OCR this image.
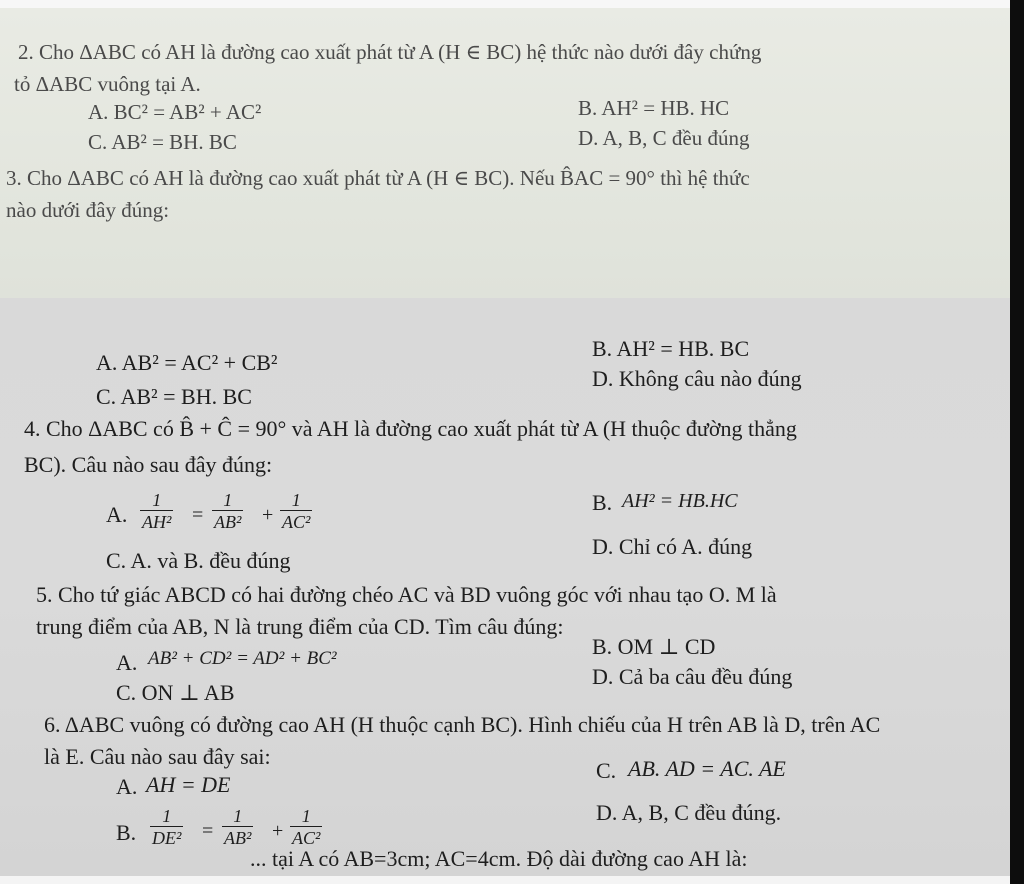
2. Cho ΔABC có AH là đường cao xuất phát từ A (H ∈ BC) hệ thức nào dưới đây chứng
tỏ ΔABC vuông tại A.
A. BC² = AB² + AC²	B. AH² = HB. HC
C. AB² = BH. BC	D. A, B, C đều đúng
3. Cho ΔABC có AH là đường cao xuất phát từ A (H ∈ BC). Nếu B̂AC = 90° thì hệ thức
nào dưới đây đúng:
A. AB² = AC² + CB²
B. AH² = HB. BC
C. AB² = BH. BC
D. Không câu nào đúng
4. Cho ΔABC có B̂ + Ĉ = 90° và AH là đường cao xuất phát từ A (H thuộc đường thẳng
BC). Câu nào sau đây đúng:
A. $\frac{1}{\text{AH²}} = \frac{1}{\text{AB²}} + \frac{1}{\text{AC²}}$	B. AH² = HB.HC
C. A. và B. đều đúng
D. Chỉ có A. đúng
5. Cho tứ giác ABCD có hai đường chéo AC và BD vuông góc với nhau tạo O. M là
trung điểm của AB, N là trung điểm của CD. Tìm câu đúng:
A. AB² + CD² = AD² + BC²	B. OM ⊥ CD
C. ON ⊥ AB
D. Cả ba câu đều đúng
6. ΔABC vuông có đường cao AH (H thuộc cạnh BC). Hình chiếu của H trên AB là D, trên AC
là E. Câu nào sau đây sai:
A. AH = DE
C. AB. AD = AC. AE
B. $\frac{1}{\text{DE²}} = \frac{1}{\text{AB²}} + \frac{1}{\text{AC²}}$	D. A, B, C đều đúng.
... tại A có AB=3cm; AC=4cm. Độ dài đường cao AH là:
